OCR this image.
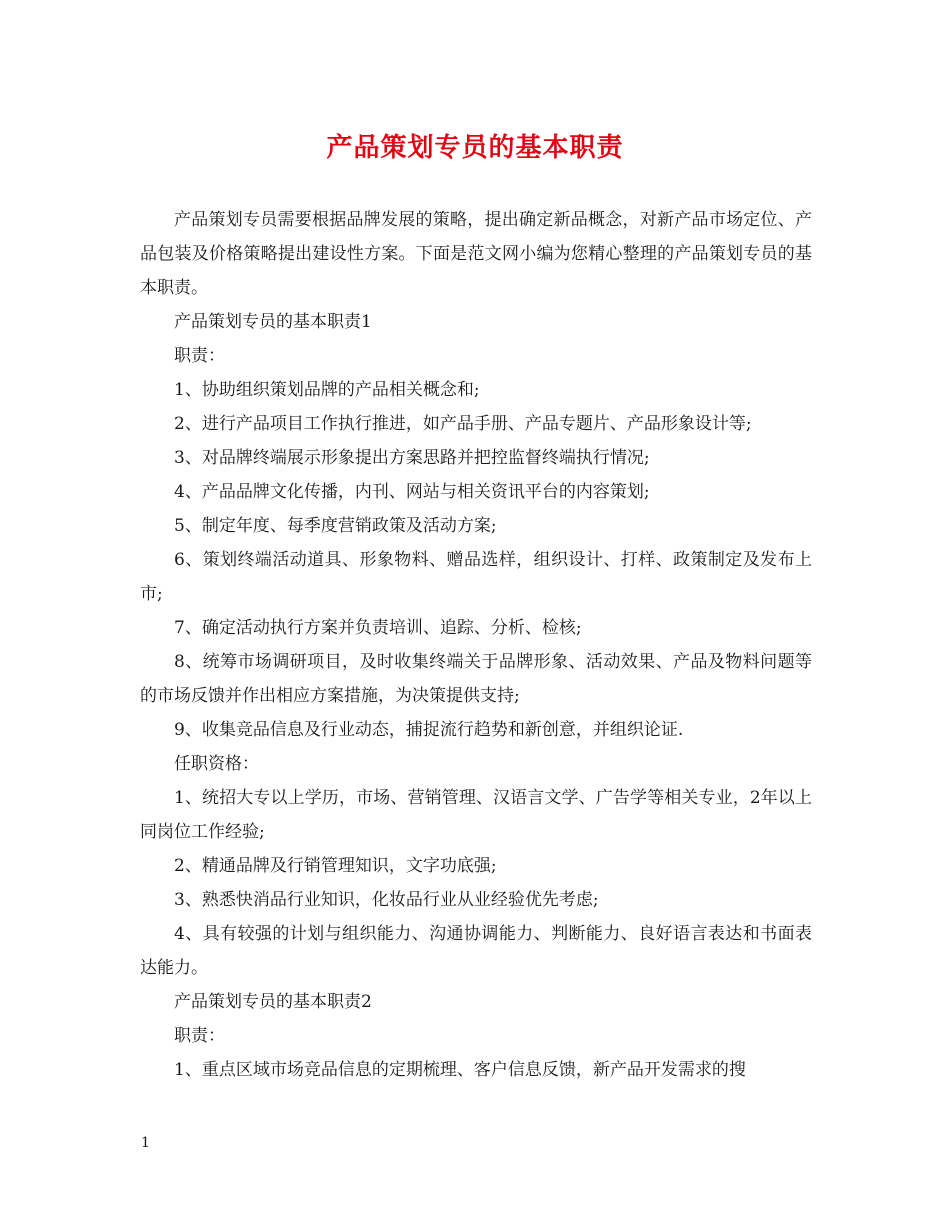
产品策划专员的基本职责

产品策划专员需要根据品牌发展的策略，提出确定新品概念，对新产品市场定位、产品包装及价格策略提出建设性方案。下面是范文网小编为您精心整理的产品策划专员的基本职责。

产品策划专员的基本职责1

职责：

1、协助组织策划品牌的产品相关概念和;

2、进行产品项目工作执行推进，如产品手册、产品专题片、产品形象设计等;

3、对品牌终端展示形象提出方案思路并把控监督终端执行情况;

4、产品品牌文化传播，内刊、网站与相关资讯平台的内容策划;

5、制定年度、每季度营销政策及活动方案;

6、策划终端活动道具、形象物料、赠品选样，组织设计、打样、政策制定及发布上市;

7、确定活动执行方案并负责培训、追踪、分析、检核;

8、统筹市场调研项目，及时收集终端关于品牌形象、活动效果、产品及物料问题等的市场反馈并作出相应方案措施，为决策提供支持;

9、收集竞品信息及行业动态，捕捉流行趋势和新创意，并组织论证.

任职资格：

1、统招大专以上学历，市场、营销管理、汉语言文学、广告学等相关专业，2年以上同岗位工作经验;

2、精通品牌及行销管理知识，文字功底强;

3、熟悉快消品行业知识，化妆品行业从业经验优先考虑;

4、具有较强的计划与组织能力、沟通协调能力、判断能力、良好语言表达和书面表达能力。

产品策划专员的基本职责2

职责：

1、重点区域市场竞品信息的定期梳理、客户信息反馈，新产品开发需求的搜

1
